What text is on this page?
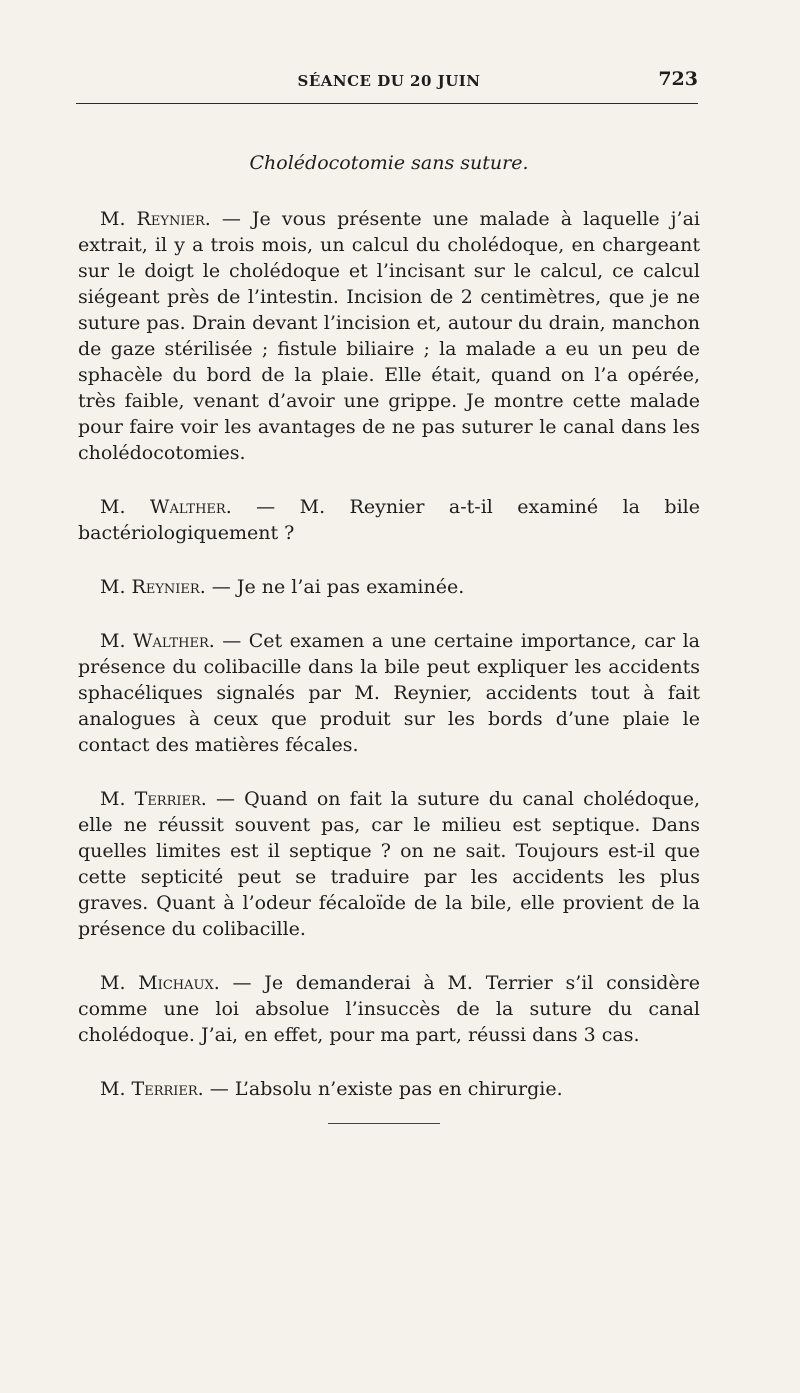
SÉANCE DU 20 JUIN	723
Cholédocotomie sans suture.

M. Reynier. — Je vous présente une malade à laquelle j’ai extrait, il y a trois mois, un calcul du cholédoque, en chargeant sur le doigt le cholédoque et l’incisant sur le calcul, ce calcul siégeant près de l’intestin. Incision de 2 centimètres, que je ne suture pas. Drain devant l’incision et, autour du drain, manchon de gaze stérilisée ; fistule biliaire ; la malade a eu un peu de sphacèle du bord de la plaie. Elle était, quand on l’a opérée, très faible, venant d’avoir une grippe. Je montre cette malade pour faire voir les avantages de ne pas suturer le canal dans les cholédocotomies.

M. Walther. — M. Reynier a-t-il examiné la bile bactériologiquement ?

M. Reynier. — Je ne l’ai pas examinée.

M. Walther. — Cet examen a une certaine importance, car la présence du colibacille dans la bile peut expliquer les accidents sphacéliques signalés par M. Reynier, accidents tout à fait analogues à ceux que produit sur les bords d’une plaie le contact des matières fécales.

M. Terrier. — Quand on fait la suture du canal cholédoque, elle ne réussit souvent pas, car le milieu est septique. Dans quelles limites est il septique ? on ne sait. Toujours est-il que cette septicité peut se traduire par les accidents les plus graves. Quant à l’odeur fécaloïde de la bile, elle provient de la présence du colibacille.

M. Michaux. — Je demanderai à M. Terrier s’il considère comme une loi absolue l’insuccès de la suture du canal cholédoque. J’ai, en effet, pour ma part, réussi dans 3 cas.

M. Terrier. — L’absolu n’existe pas en chirurgie.
